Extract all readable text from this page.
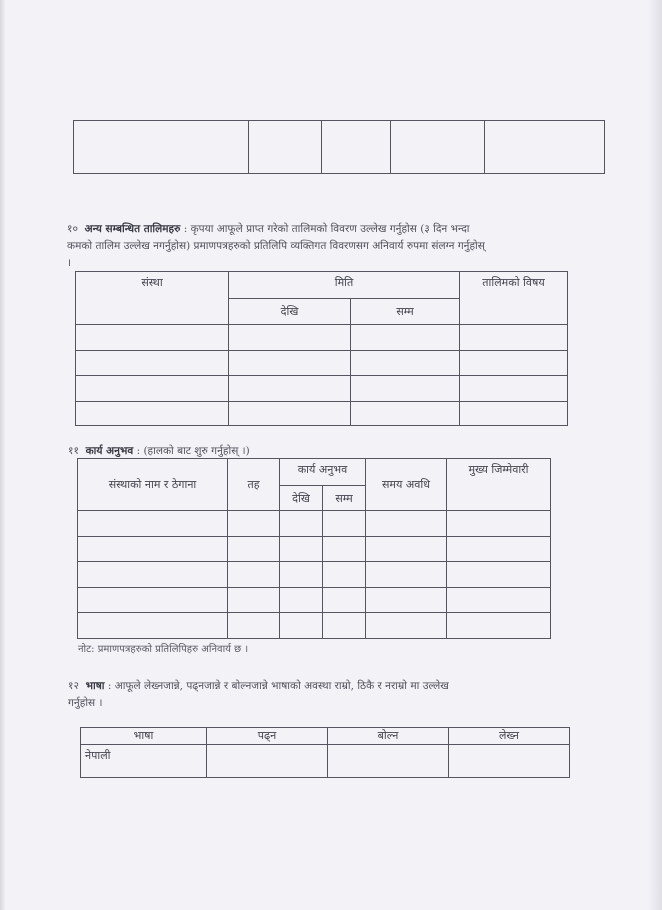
१० अन्य सम्बन्धित तालिमहरु : कृपया आफूले प्राप्त गरेको तालिमको विवरण उल्लेख गर्नुहोस (३ दिन भन्दा
कमको तालिम उल्लेख नगर्नुहोस) प्रमाणपत्रहरुको प्रतिलिपि व्यक्तिगत विवरणसग अनिवार्य रुपमा संलग्न गर्नुहोस्
।
संस्था	मिति		तालिमको विषय
	देखि	सम्म	

११ कार्य अनुभव : (हालको बाट शुरु गर्नुहोस् ।)
संस्थाको नाम र ठेगाना	तह	कार्य अनुभव		समय अवधि	मुख्य जिम्मेवारी
		देखि	सम्म		

नोट: प्रमाणपत्रहरुको प्रतिलिपिहरु अनिवार्य छ ।
१२ भाषा : आफूले लेख्नजान्ने, पढ्नजान्ने र बोल्नजान्ने भाषाको अवस्था राम्रो, ठिकै र नराम्रो मा उल्लेख
गर्नुहोस ।
भाषा	पढ्न	बोल्न	लेख्न
नेपाली			
